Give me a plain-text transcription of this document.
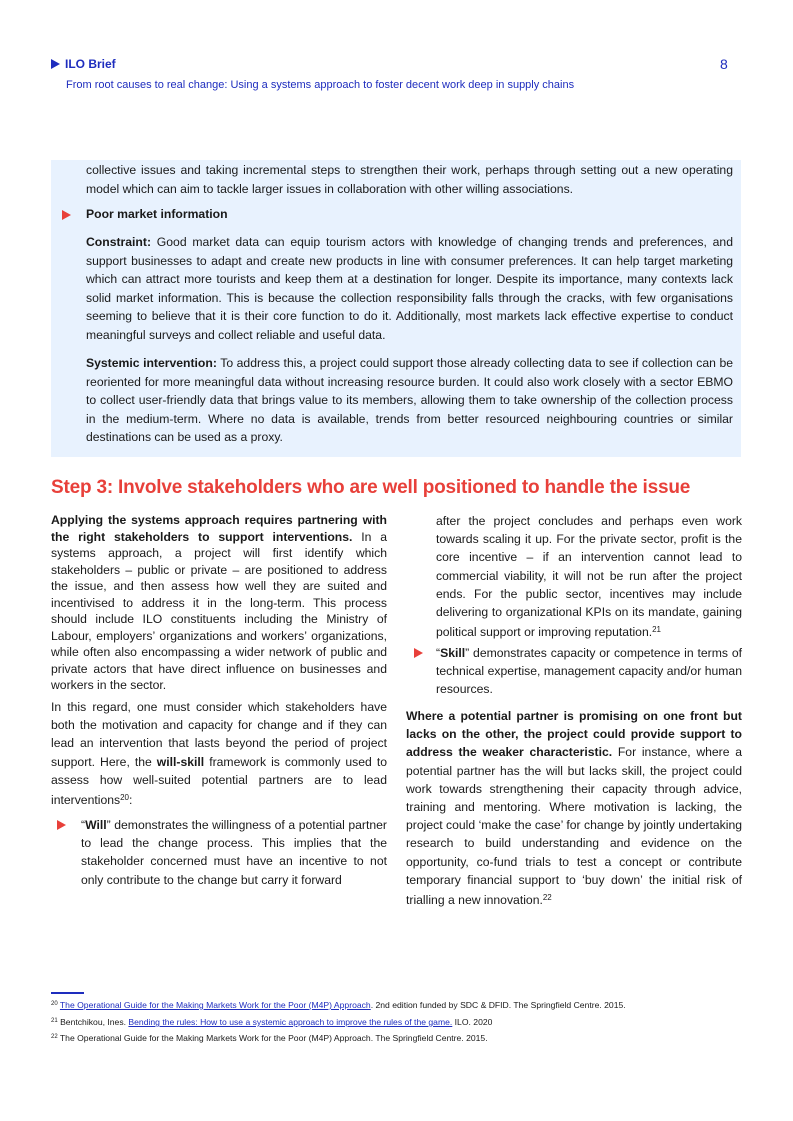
ILO Brief
From root causes to real change: Using a systems approach to foster decent work deep in supply chains
8

collective issues and taking incremental steps to strengthen their work, perhaps through setting out a new operating model which can aim to tackle larger issues in collaboration with other willing associations.

Poor market information

Constraint: Good market data can equip tourism actors with knowledge of changing trends and preferences, and support businesses to adapt and create new products in line with consumer preferences. It can help target marketing which can attract more tourists and keep them at a destination for longer. Despite its importance, many contexts lack solid market information. This is because the collection responsibility falls through the cracks, with few organisations seeming to believe that it is their core function to do it. Additionally, most markets lack effective expertise to conduct meaningful surveys and collect reliable and useful data.

Systemic intervention: To address this, a project could support those already collecting data to see if collection can be reoriented for more meaningful data without increasing resource burden. It could also work closely with a sector EBMO to collect user-friendly data that brings value to its members, allowing them to take ownership of the collection process in the medium-term. Where no data is available, trends from better resourced neighbouring countries or similar destinations can be used as a proxy.

Step 3: Involve stakeholders who are well positioned to handle the issue

Applying the systems approach requires partnering with the right stakeholders to support interventions. In a systems approach, a project will first identify which stakeholders – public or private – are positioned to address the issue, and then assess how well they are suited and incentivised to address it in the long-term. This process should include ILO constituents including the Ministry of Labour, employers’ organizations and workers’ organizations, while often also encompassing a wider network of public and private actors that have direct influence on businesses and workers in the sector.

In this regard, one must consider which stakeholders have both the motivation and capacity for change and if they can lead an intervention that lasts beyond the period of project support. Here, the will-skill framework is commonly used to assess how well-suited potential partners are to lead interventions$^{20}$:

“Will” demonstrates the willingness of a potential partner to lead the change process. This implies that the stakeholder concerned must have an incentive to not only contribute to the change but carry it forward

after the project concludes and perhaps even work towards scaling it up. For the private sector, profit is the core incentive – if an intervention cannot lead to commercial viability, it will not be run after the project ends. For the public sector, incentives may include delivering to organizational KPIs on its mandate, gaining political support or improving reputation.$^{21}$

“Skill” demonstrates capacity or competence in terms of technical expertise, management capacity and/or human resources.

Where a potential partner is promising on one front but lacks on the other, the project could provide support to address the weaker characteristic. For instance, where a potential partner has the will but lacks skill, the project could work towards strengthening their capacity through advice, training and mentoring. Where motivation is lacking, the project could ‘make the case’ for change by jointly undertaking research to build understanding and evidence on the opportunity, co-fund trials to test a concept or contribute temporary financial support to ‘buy down’ the initial risk of trialling a new innovation.$^{22}$

$^{20}$ The Operational Guide for the Making Markets Work for the Poor (M4P) Approach. 2nd edition funded by SDC & DFID. The Springfield Centre. 2015.

$^{21}$ Bentchikou, Ines. Bending the rules: How to use a systemic approach to improve the rules of the game. ILO. 2020

$^{22}$ The Operational Guide for the Making Markets Work for the Poor (M4P) Approach. The Springfield Centre. 2015.
